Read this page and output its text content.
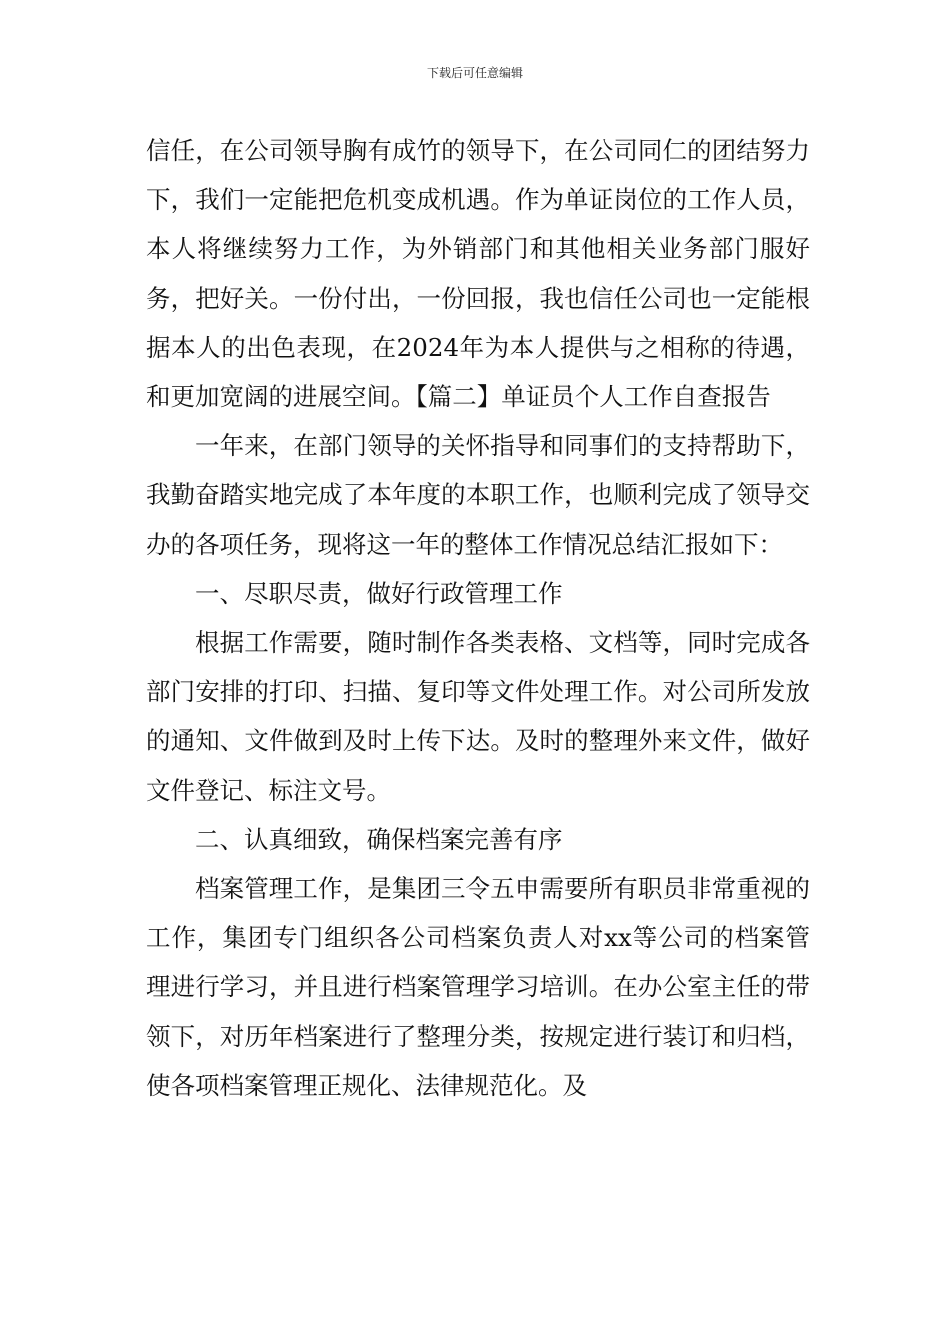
下载后可任意编辑

信任，在公司领导胸有成竹的领导下，在公司同仁的团结努力下，我们一定能把危机变成机遇。作为单证岗位的工作人员，本人将继续努力工作，为外销部门和其他相关业务部门服好务，把好关。一份付出，一份回报，我也信任公司也一定能根据本人的出色表现，在2024年为本人提供与之相称的待遇，和更加宽阔的进展空间。【篇二】单证员个人工作自查报告

一年来，在部门领导的关怀指导和同事们的支持帮助下，我勤奋踏实地完成了本年度的本职工作，也顺利完成了领导交办的各项任务，现将这一年的整体工作情况总结汇报如下：

一、尽职尽责，做好行政管理工作

根据工作需要，随时制作各类表格、文档等，同时完成各部门安排的打印、扫描、复印等文件处理工作。对公司所发放的通知、文件做到及时上传下达。及时的整理外来文件，做好文件登记、标注文号。

二、认真细致，确保档案完善有序

档案管理工作，是集团三令五申需要所有职员非常重视的工作，集团专门组织各公司档案负责人对xx等公司的档案管理进行学习，并且进行档案管理学习培训。在办公室主任的带领下，对历年档案进行了整理分类，按规定进行装订和归档，使各项档案管理正规化、法律规范化。及
